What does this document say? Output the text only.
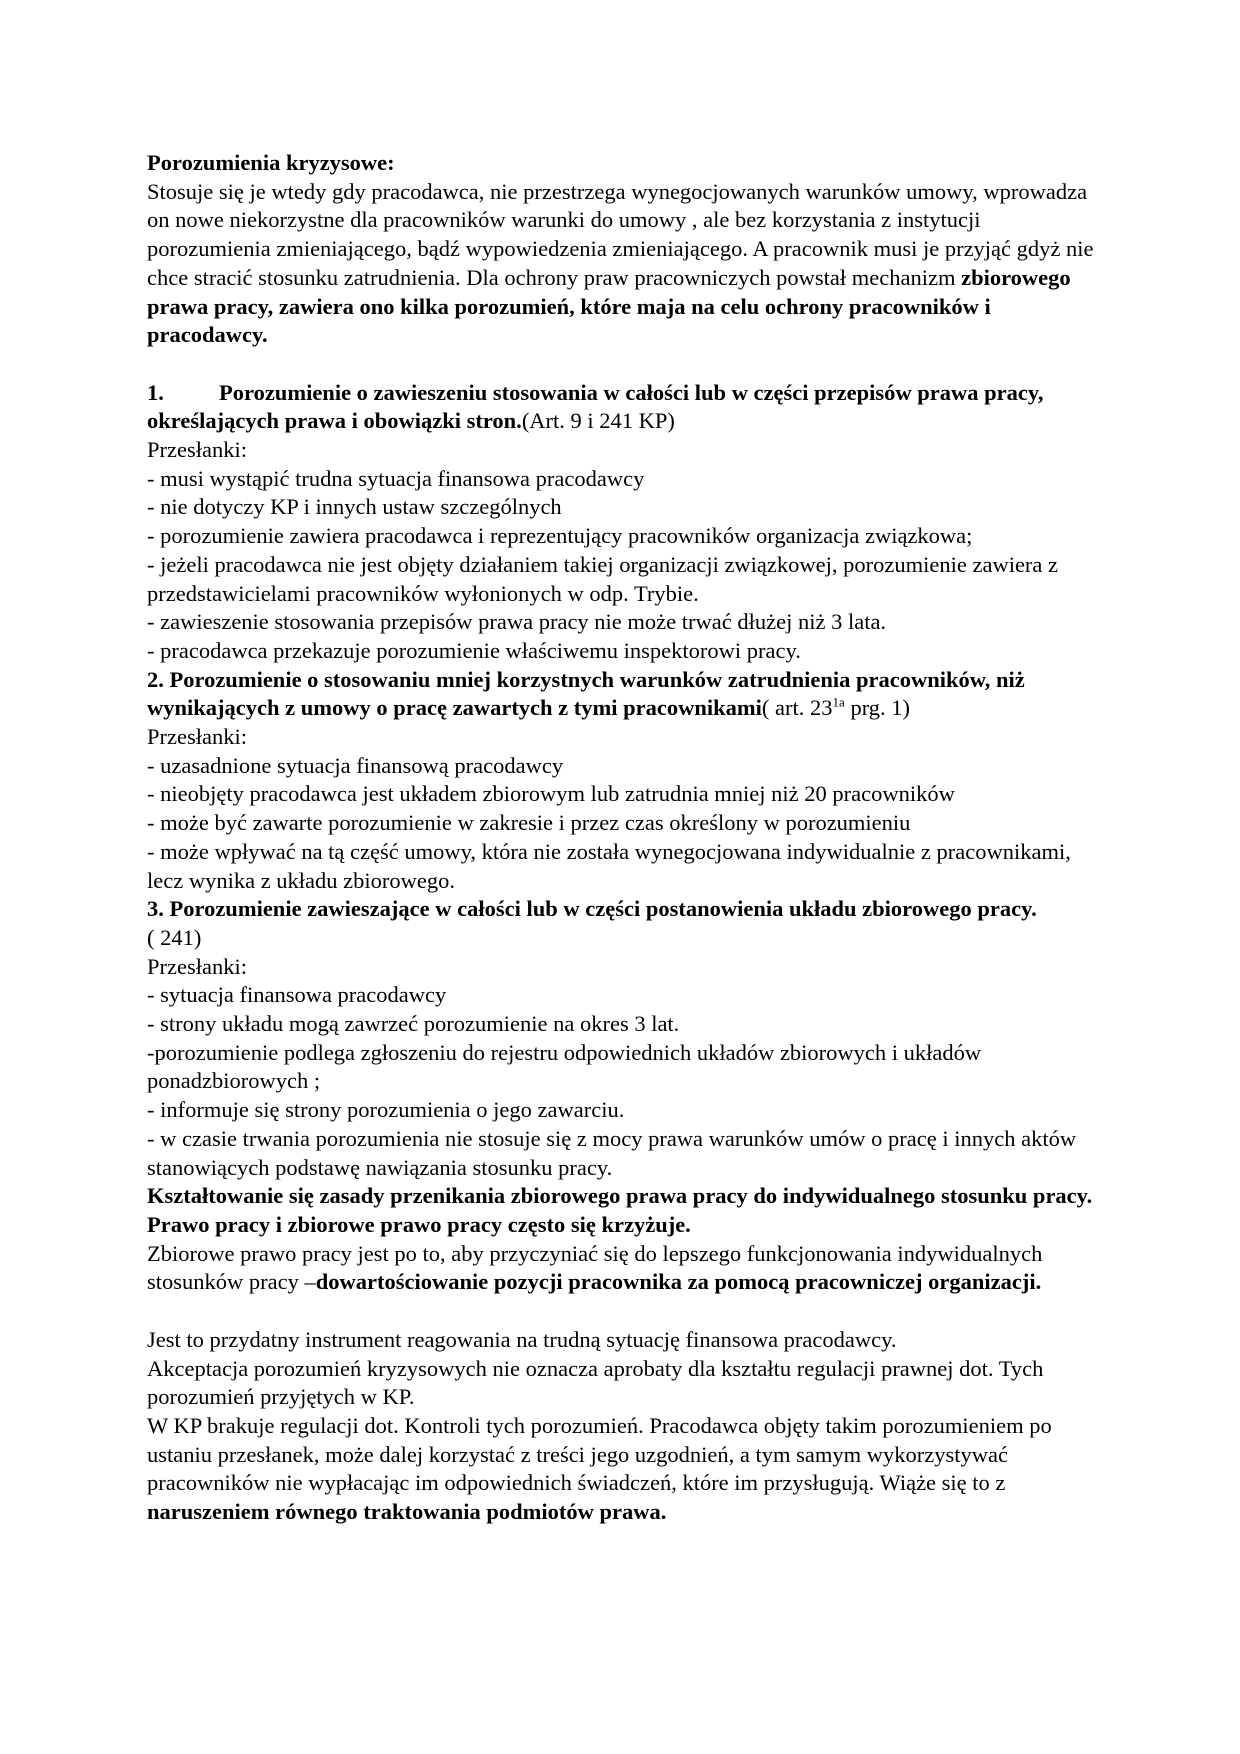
Porozumienia kryzysowe:

Stosuje się je wtedy gdy pracodawca, nie przestrzega wynegocjowanych warunków umowy, wprowadza on nowe niekorzystne dla pracowników warunki do umowy , ale bez korzystania z instytucji porozumienia zmieniającego, bądź wypowiedzenia zmieniającego. A pracownik musi je przyjąć gdyż nie chce stracić stosunku zatrudnienia. Dla ochrony praw pracowniczych powstał mechanizm zbiorowego prawa pracy, zawiera ono kilka porozumień, które maja na celu ochrony pracowników i pracodawcy.

1. Porozumienie o zawieszeniu stosowania w całości lub w części przepisów prawa pracy, określających prawa i obowiązki stron.(Art. 9 i 241 KP)

Przesłanki:

- musi wystąpić trudna sytuacja finansowa pracodawcy

- nie dotyczy KP i innych ustaw szczególnych

- porozumienie zawiera pracodawca i reprezentujący pracowników organizacja związkowa;

- jeżeli pracodawca nie jest objęty działaniem takiej organizacji związkowej, porozumienie zawiera z przedstawicielami pracowników wyłonionych w odp. Trybie.

- zawieszenie stosowania przepisów prawa pracy nie może trwać dłużej niż 3 lata.

- pracodawca przekazuje porozumienie właściwemu inspektorowi pracy.

2. Porozumienie o stosowaniu mniej korzystnych warunków zatrudnienia pracowników, niż wynikających z umowy o pracę zawartych z tymi pracownikami( art. $23^{1a}$ prg. 1)

Przesłanki:

- uzasadnione sytuacja finansową pracodawcy

- nieobjęty pracodawca jest układem zbiorowym lub zatrudnia mniej niż 20 pracowników

- może być zawarte porozumienie w zakresie i przez czas określony w porozumieniu

- może wpływać na tą część umowy, która nie została wynegocjowana indywidualnie z pracownikami, lecz wynika z układu zbiorowego.

3. Porozumienie zawieszające w całości lub w części postanowienia układu zbiorowego pracy.

( 241)

Przesłanki:

- sytuacja finansowa pracodawcy

- strony układu mogą zawrzeć porozumienie na okres 3 lat.

-porozumienie podlega zgłoszeniu do rejestru odpowiednich układów zbiorowych i układów ponadzbiorowych ;

- informuje się strony porozumienia o jego zawarciu.

- w czasie trwania porozumienia nie stosuje się z mocy prawa warunków umów o pracę i innych aktów stanowiących podstawę nawiązania stosunku pracy.

Kształtowanie się zasady przenikania zbiorowego prawa pracy do indywidualnego stosunku pracy. Prawo pracy i zbiorowe prawo pracy często się krzyżuje.

Zbiorowe prawo pracy jest po to, aby przyczyniać się do lepszego funkcjonowania indywidualnych stosunków pracy –dowartościowanie pozycji pracownika za pomocą pracowniczej organizacji.

Jest to przydatny instrument reagowania na trudną sytuację finansowa pracodawcy.

Akceptacja porozumień kryzysowych nie oznacza aprobaty dla kształtu regulacji prawnej dot. Tych porozumień przyjętych w KP.

W KP brakuje regulacji dot. Kontroli tych porozumień. Pracodawca objęty takim porozumieniem po ustaniu przesłanek, może dalej korzystać z treści jego uzgodnień, a tym samym wykorzystywać pracowników nie wypłacając im odpowiednich świadczeń, które im przysługują. Wiąże się to z naruszeniem równego traktowania podmiotów prawa.
